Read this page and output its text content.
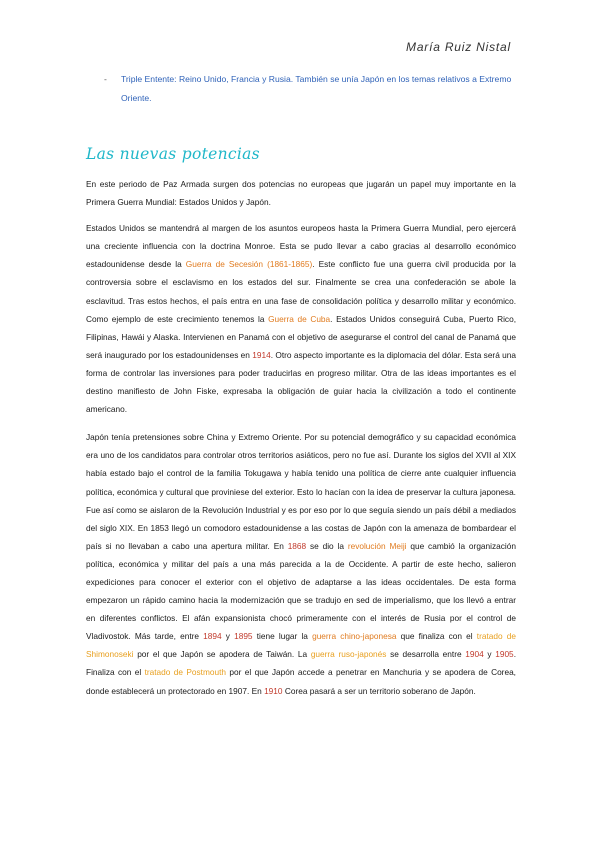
María Ruiz Nistal
- Triple Entente: Reino Unido, Francia y Rusia. También se unía Japón en los temas relativos a Extremo Oriente.
Las nuevas potencias

En este periodo de Paz Armada surgen dos potencias no europeas que jugarán un papel muy importante en la Primera Guerra Mundial: Estados Unidos y Japón.

Estados Unidos se mantendrá al margen de los asuntos europeos hasta la Primera Guerra Mundial, pero ejercerá una creciente influencia con la doctrina Monroe. Esta se pudo llevar a cabo gracias al desarrollo económico estadounidense desde la Guerra de Secesión (1861-1865). Este conflicto fue una guerra civil producida por la controversia sobre el esclavismo en los estados del sur. Finalmente se crea una confederación se abole la esclavitud. Tras estos hechos, el país entra en una fase de consolidación política y desarrollo militar y económico. Como ejemplo de este crecimiento tenemos la Guerra de Cuba. Estados Unidos conseguirá Cuba, Puerto Rico, Filipinas, Hawái y Alaska. Intervienen en Panamá con el objetivo de asegurarse el control del canal de Panamá que será inaugurado por los estadounidenses en 1914. Otro aspecto importante es la diplomacia del dólar. Esta será una forma de controlar las inversiones para poder traducirlas en progreso militar. Otra de las ideas importantes es el destino manifiesto de John Fiske, expresaba la obligación de guiar hacia la civilización a todo el continente americano.

Japón tenía pretensiones sobre China y Extremo Oriente. Por su potencial demográfico y su capacidad económica era uno de los candidatos para controlar otros territorios asiáticos, pero no fue así. Durante los siglos del XVII al XIX había estado bajo el control de la familia Tokugawa y había tenido una política de cierre ante cualquier influencia política, económica y cultural que proviniese del exterior. Esto lo hacían con la idea de preservar la cultura japonesa. Fue así como se aislaron de la Revolución Industrial y es por eso por lo que seguía siendo un país débil a mediados del siglo XIX. En 1853 llegó un comodoro estadounidense a las costas de Japón con la amenaza de bombardear el país si no llevaban a cabo una apertura militar. En 1868 se dio la revolución Meiji que cambió la organización política, económica y militar del país a una más parecida a la de Occidente. A partir de este hecho, salieron expediciones para conocer el exterior con el objetivo de adaptarse a las ideas occidentales. De esta forma empezaron un rápido camino hacia la modernización que se tradujo en sed de imperialismo, que los llevó a entrar en diferentes conflictos. El afán expansionista chocó primeramente con el interés de Rusia por el control de Vladivostok. Más tarde, entre 1894 y 1895 tiene lugar la guerra chino-japonesa que finaliza con el tratado de Shimonoseki por el que Japón se apodera de Taiwán. La guerra ruso-japonés se desarrolla entre 1904 y 1905. Finaliza con el tratado de Postmouth por el que Japón accede a penetrar en Manchuria y se apodera de Corea, donde establecerá un protectorado en 1907. En 1910 Corea pasará a ser un territorio soberano de Japón.
